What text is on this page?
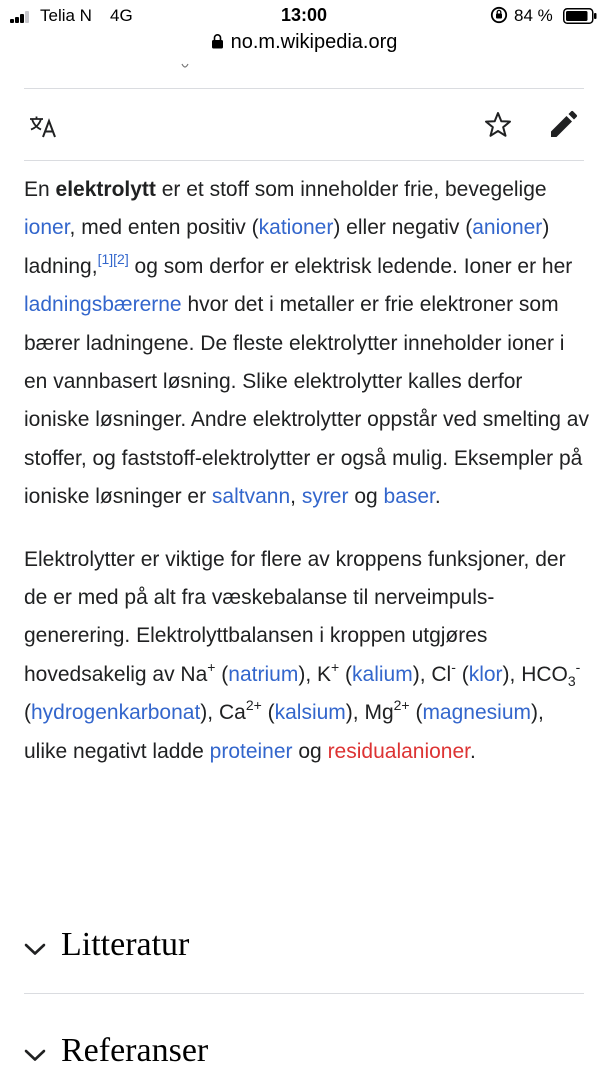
Telia N 4G	13:00	84 %
no.m.wikipedia.org

En elektrolytt er et stoff som inneholder frie, bevegelige ioner, med enten positiv (kationer) eller negativ (anioner) ladning,[1][2] og som derfor er elektrisk ledende. Ioner er her ladningsbærerne hvor det i metaller er frie elektroner som bærer ladningene. De fleste elektrolytter inneholder ioner i en vannbasert løsning. Slike elektrolytter kalles derfor ioniske løsninger. Andre elektrolytter oppstår ved smelting av stoffer, og faststoff-elektrolytter er også mulig. Eksempler på ioniske løsninger er saltvann, syrer og baser.

Elektrolytter er viktige for flere av kroppens funksjoner, der de er med på alt fra væskebalanse til nerveimpuls-generering. Elektrolyttbalansen i kroppen utgjøres hovedsakelig av Na+ (natrium), K+ (kalium), Cl- (klor), $HCO_3^-$ (hydrogenkarbonat), $Ca^{2+}$ (kalsium), $Mg^{2+}$ (magnesium), ulike negativt ladde proteiner og residualanioner.

Litteratur
Referanser
